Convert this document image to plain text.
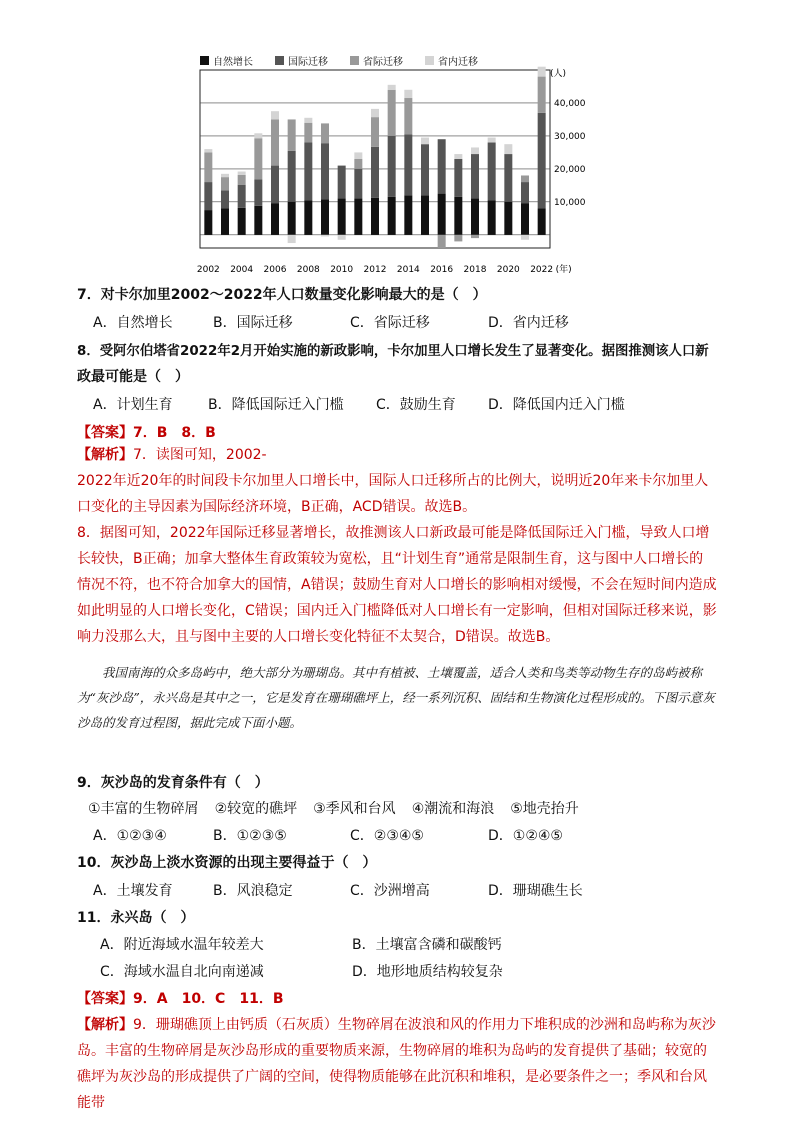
自然增长	国际迁移	省际迁移	省内迁移
10,000
20,000
30,000
40,000
2002 2004 2006 2008 2010 2012 2014 2016 2018 2020 2022 (年)
(人)
7．对卡尔加里2002～2022年人口数量变化影响最大的是（　）
A．自然增长	B．国际迁移	C．省际迁移	D．省内迁移
8．受阿尔伯塔省2022年2月开始实施的新政影响，卡尔加里人口增长发生了显著变化。据图推测该人口新
政最可能是（　）
A．计划生育	B．降低国际迁入门槛 C．鼓励生育 D．降低国内迁入门槛
【答案】7．B　8．B
【解析】7．读图可知，2002-
2022年近20年的时间段卡尔加里人口增长中，国际人口迁移所占的比例大，说明近20年来卡尔加里人口变化的主导因素为国际经济环境，B正确，ACD错误。故选B。
8．据图可知，2022年国际迁移显著增长，故推测该人口新政最可能是降低国际迁入门槛，导致人口增长较快，B正确；加拿大整体生育政策较为宽松，且“计划生育”通常是限制生育，这与图中人口增长的情况不符，也不符合加拿大的国情，A错误；鼓励生育对人口增长的影响相对缓慢，不会在短时间内造成如此明显的人口增长变化，C错误；国内迁入门槛降低对人口增长有一定影响，但相对国际迁移来说，影响力没那么大，且与图中主要的人口增长变化特征不太契合，D错误。故选B。
我国南海的众多岛屿中，绝大部分为珊瑚岛。其中有植被、土壤覆盖，适合人类和鸟类等动物生存的岛屿被称为“灰沙岛”，永兴岛是其中之一，它是发育在珊瑚礁坪上，经一系列沉积、固结和生物演化过程形成的。下图示意灰沙岛的发育过程图，据此完成下面小题。
9．灰沙岛的发育条件有（　）
①丰富的生物碎屑 ②较宽的礁坪 ③季风和台风 ④潮流和海浪 ⑤地壳抬升
A．①②③④	B．①②③⑤	C．②③④⑤	D．①②④⑤
10．灰沙岛上淡水资源的出现主要得益于（　）
A．土壤发育	B．风浪稳定	C．沙洲增高	D．珊瑚礁生长
11．永兴岛（　）
A．附近海域水温年较差大	B．土壤富含磷和碳酸钙
C．海域水温自北向南递减	D．地形地质结构较复杂
【答案】9．A　10．C　11．B
【解析】9．珊瑚礁顶上由钙质（石灰质）生物碎屑在波浪和风的作用力下堆积成的沙洲和岛屿称为灰沙岛。丰富的生物碎屑是灰沙岛形成的重要物质来源，生物碎屑的堆积为岛屿的发育提供了基础；较宽的礁坪为灰沙岛的形成提供了广阔的空间，使得物质能够在此沉积和堆积，是必要条件之一；季风和台风能带
